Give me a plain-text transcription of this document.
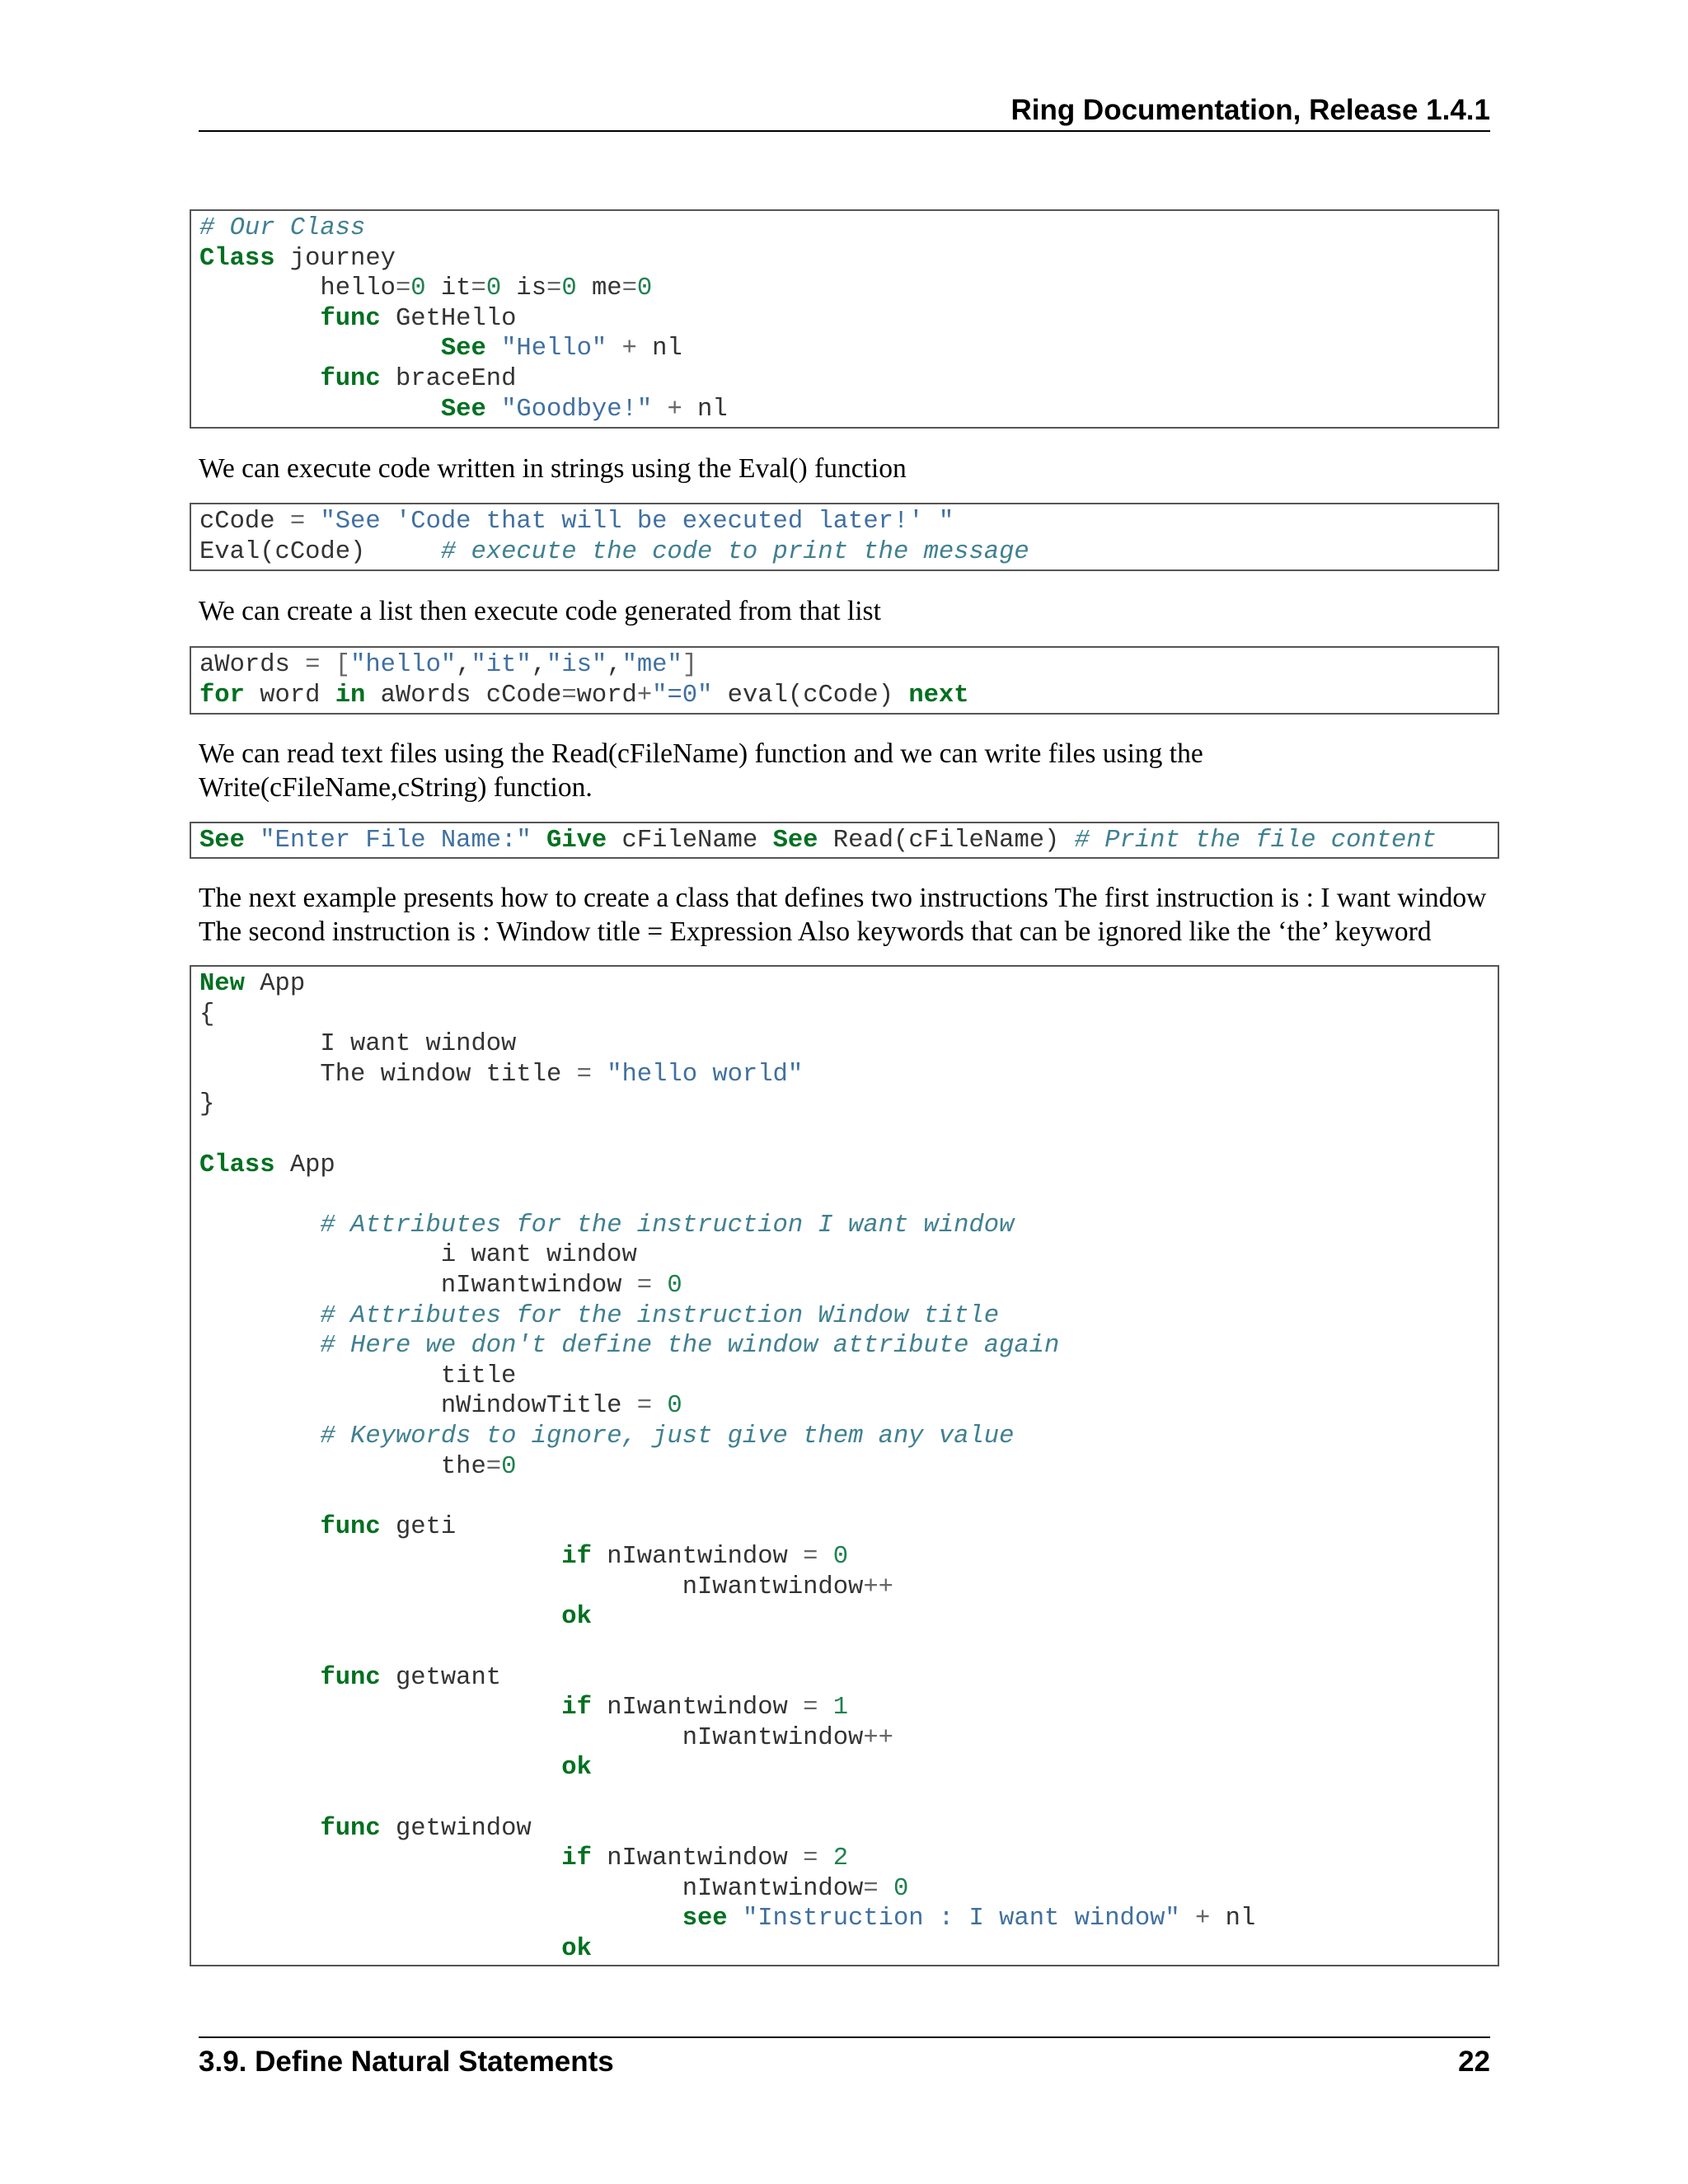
Ring Documentation, Release 1.4.1
# Our Class
Class journey
hello=0 it=0 is=0 me=0
func GetHello
See "Hello" + nl
func braceEnd
See "Goodbye!" + nl

We can execute code written in strings using the Eval() function

cCode = "See 'Code that will be executed later!' "
Eval(cCode)     # execute the code to print the message

We can create a list then execute code generated from that list

aWords = ["hello","it","is","me"]
for word in aWords cCode=word+"=0" eval(cCode) next

We can read text files using the Read(cFileName) function and we can write files using the Write(cFileName,cString) function.

See "Enter File Name:" Give cFileName See Read(cFileName) # Print the file content

The next example presents how to create a class that defines two instructions The first instruction is : I want window The second instruction is : Window title = Expression Also keywords that can be ignored like the ‘the’ keyword

New App
{
I want window
The window title = "hello world"
}
Class App
# Attributes for the instruction I want window
i want window
nIwantwindow = 0
# Attributes for the instruction Window title
# Here we don't define the window attribute again
title
nWindowTitle = 0
# Keywords to ignore, just give them any value
the=0
func geti
if nIwantwindow = 0
nIwantwindow++
ok
func getwant
if nIwantwindow = 1
nIwantwindow++
ok
func getwindow
if nIwantwindow = 2
nIwantwindow= 0
see "Instruction : I want window" + nl
ok
3.9. Define Natural Statements	22
